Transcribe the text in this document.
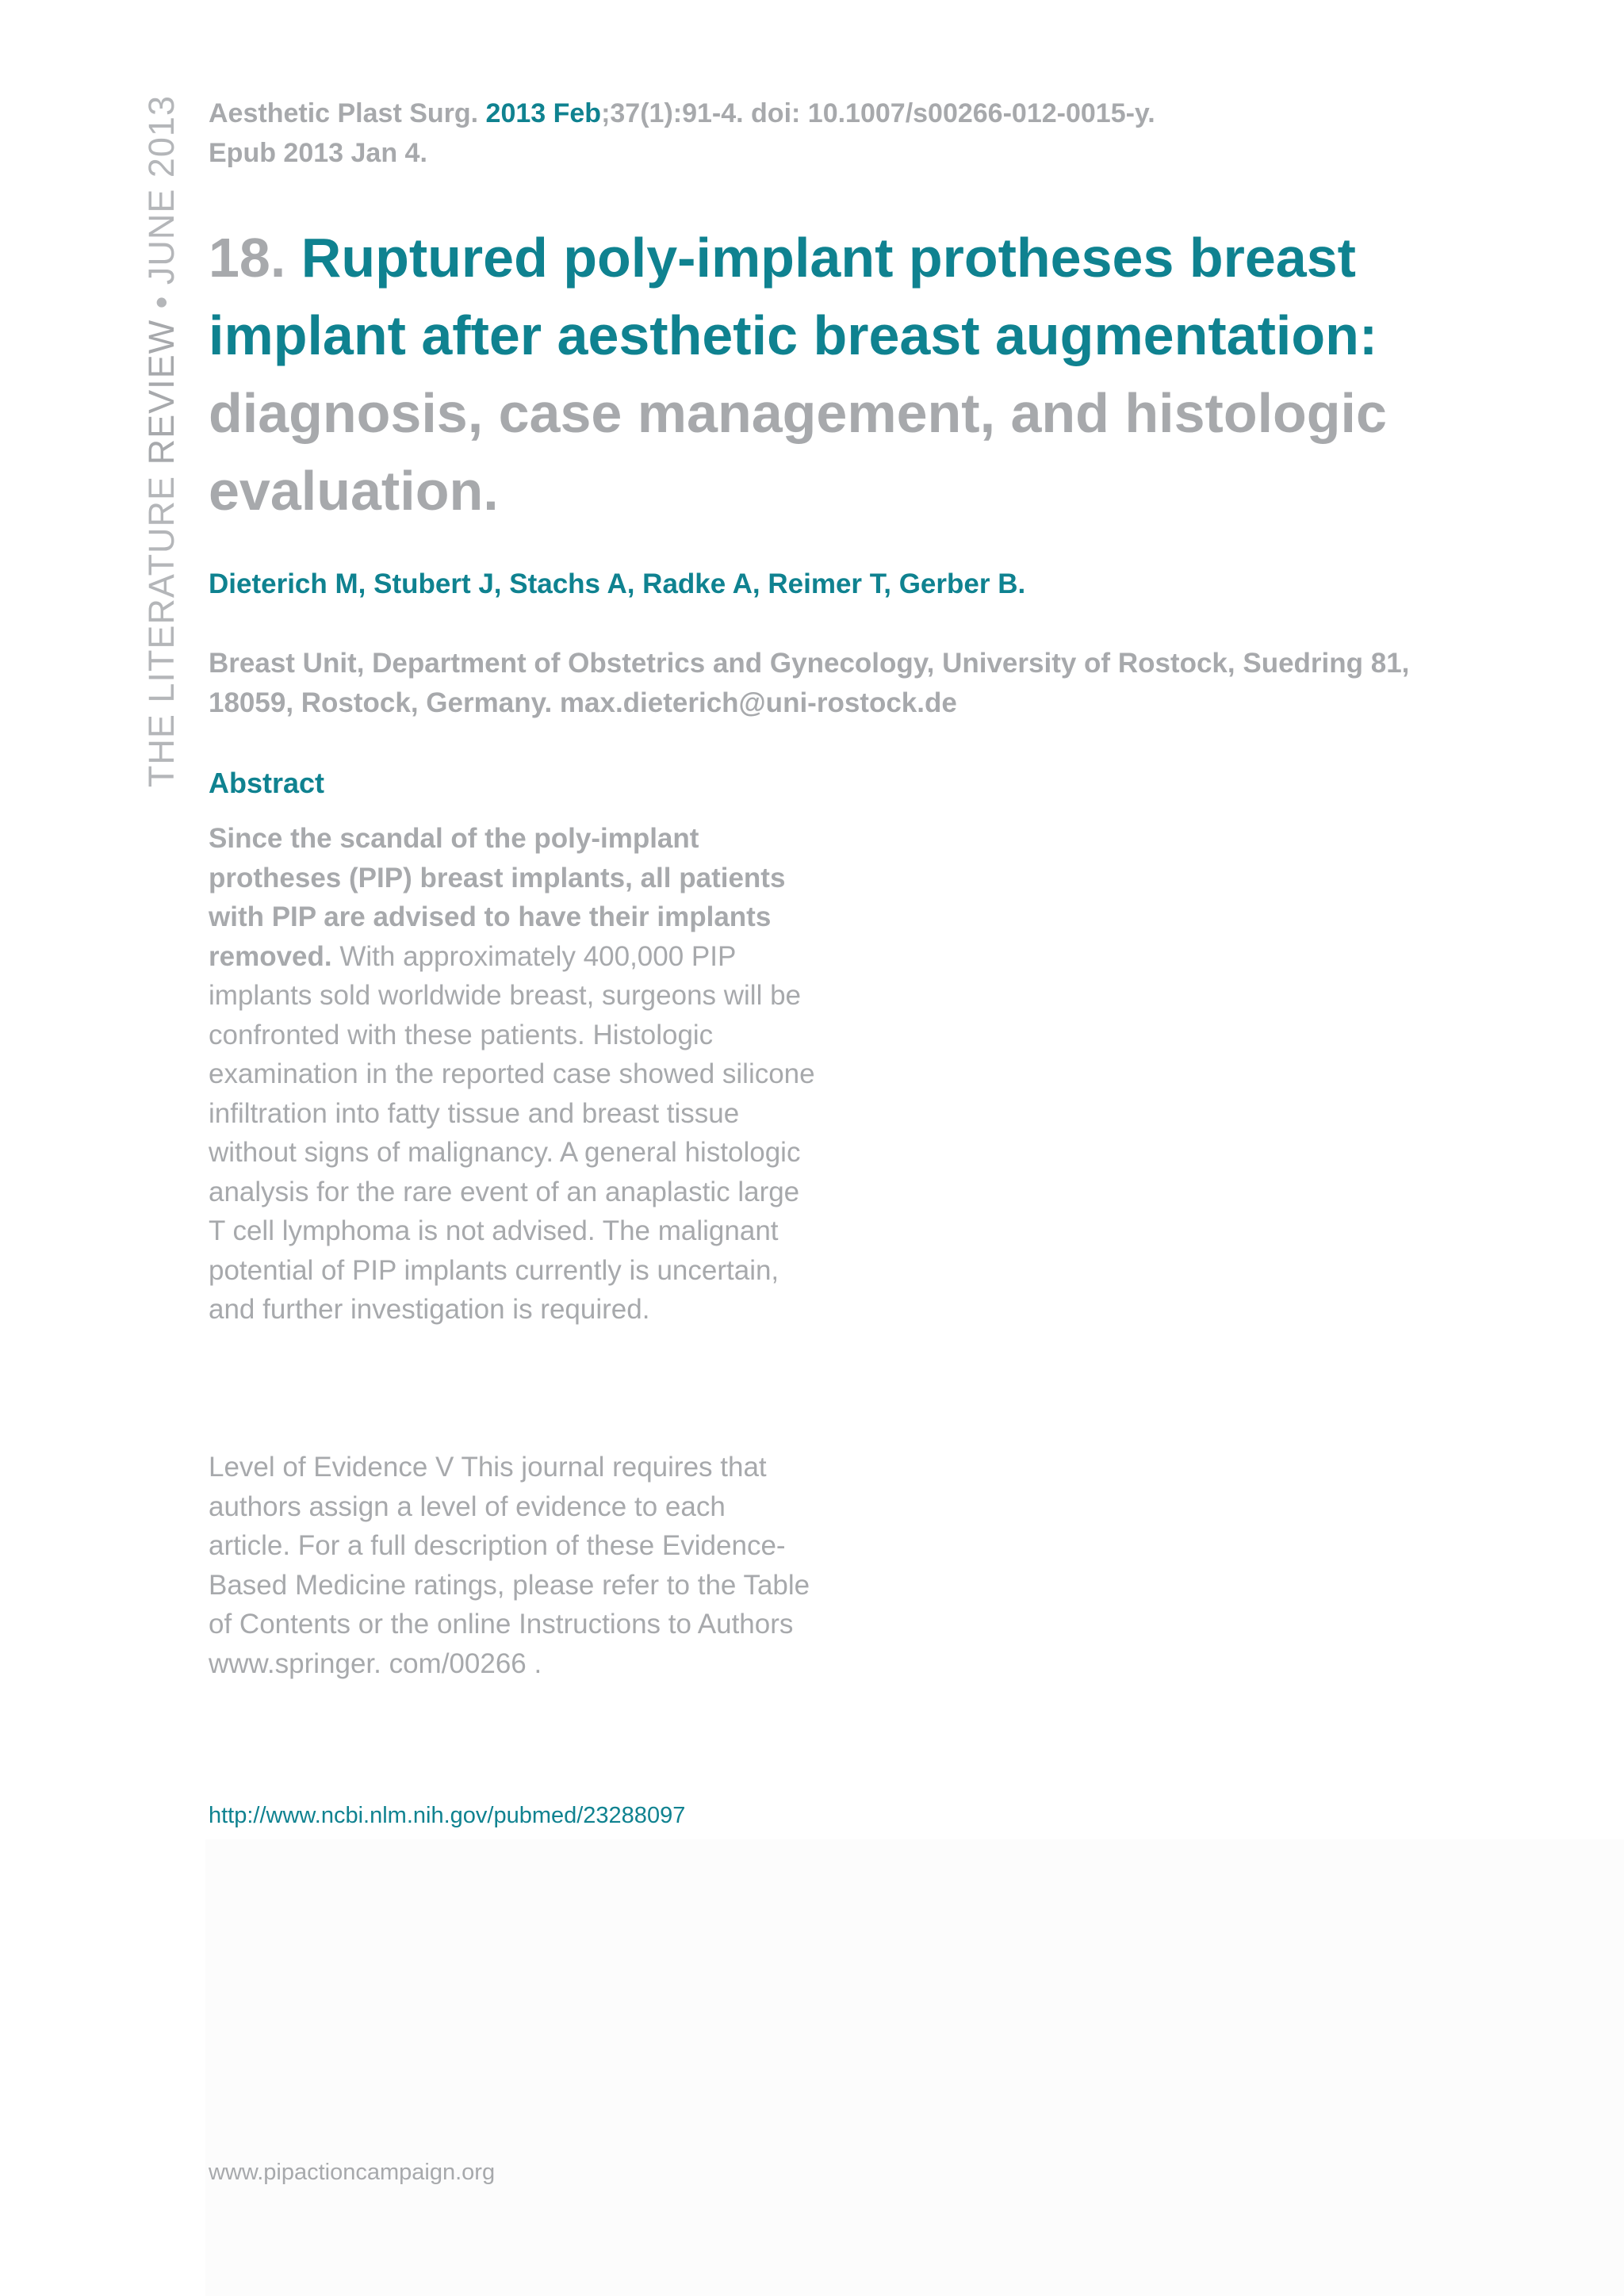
THE LITERATURE REVIEW • JUNE 2013 Aesthetic Plast Surg. 2013 Feb;37(1):91-4. doi: 10.1007/s00266-012-0015-y.
Epub 2013 Jan 4.
18. Ruptured poly-implant protheses breast implant after aesthetic breast augmentation: diagnosis, case management, and histologic evaluation.
Dieterich M, Stubert J, Stachs A, Radke A, Reimer T, Gerber B.
Breast Unit, Department of Obstetrics and Gynecology, University of Rostock, Suedring 81, 18059, Rostock, Germany. max.dieterich@uni-rostock.de
Abstract
Since the scandal of the poly-implant protheses (PIP) breast implants, all patients with PIP are advised to have their implants removed. With approximately 400,000 PIP implants sold worldwide breast, surgeons will be confronted with these patients. Histologic examination in the reported case showed silicone infiltration into fatty tissue and breast tissue without signs of malignancy. A general histologic analysis for the rare event of an anaplastic large T cell lymphoma is not advised. The malignant potential of PIP implants currently is uncertain, and further investigation is required.
Level of Evidence V This journal requires that authors assign a level of evidence to each article. For a full description of these Evidence-Based Medicine ratings, please refer to the Table of Contents or the online Instructions to Authors www.springer. com/00266 .
http://www.ncbi.nlm.nih.gov/pubmed/23288097
www.pipactioncampaign.org
